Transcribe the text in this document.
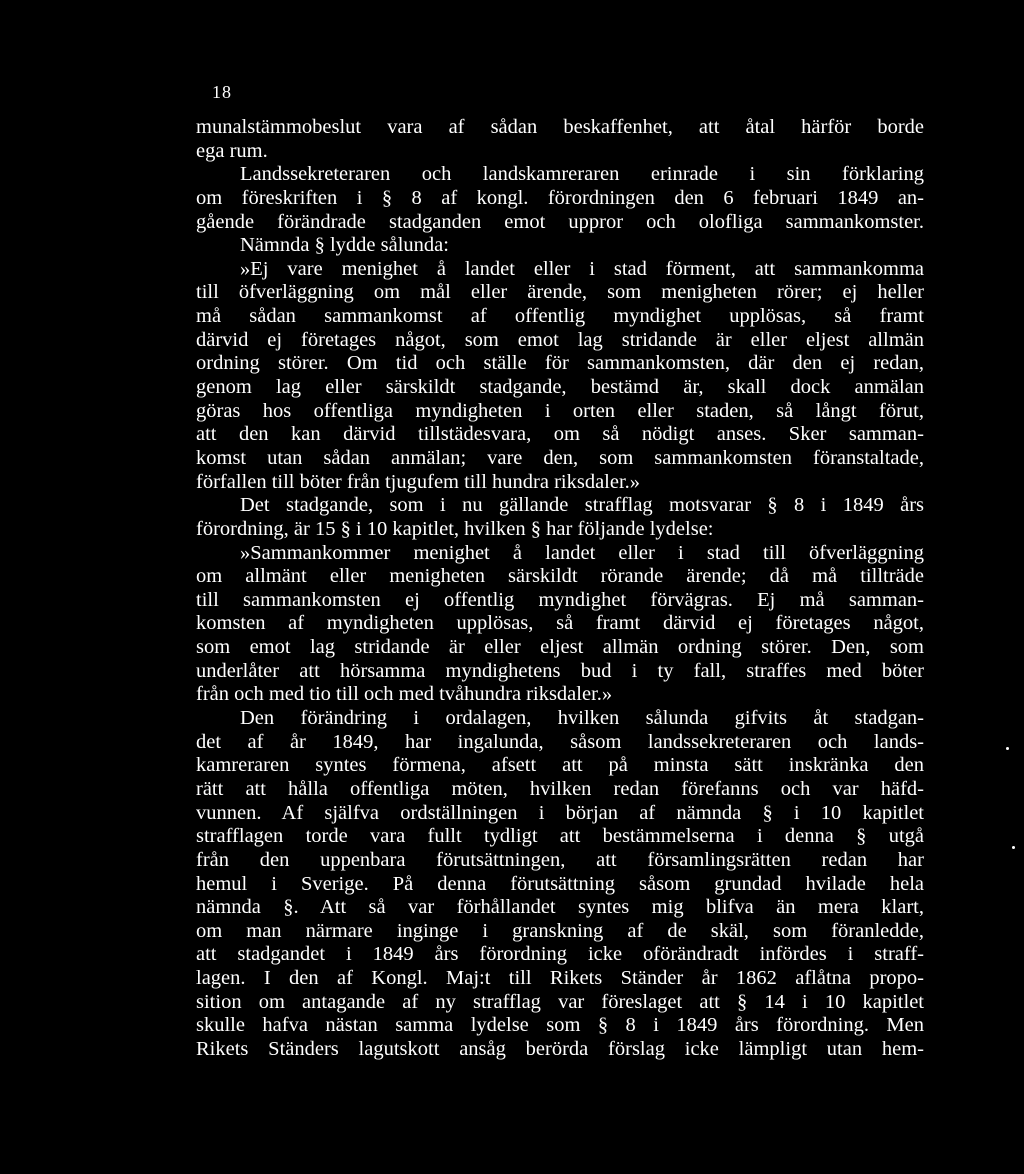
18
munalstämmobeslut vara af sådan beskaffenhet, att åtal härför borde
ega rum.
Landssekreteraren och landskamreraren erinrade i sin förklaring
om föreskriften i § 8 af kongl. förordningen den 6 februari 1849 an-
gående förändrade stadganden emot uppror och olofliga sammankomster.
Nämnda § lydde sålunda:
»Ej vare menighet å landet eller i stad förment, att sammankomma
till öfverläggning om mål eller ärende, som menigheten rörer; ej heller
må sådan sammankomst af offentlig myndighet upplösas, så framt
därvid ej företages något, som emot lag stridande är eller eljest allmän
ordning störer. Om tid och ställe för sammankomsten, där den ej redan,
genom lag eller särskildt stadgande, bestämd är, skall dock anmälan
göras hos offentliga myndigheten i orten eller staden, så långt förut,
att den kan därvid tillstädesvara, om så nödigt anses. Sker samman-
komst utan sådan anmälan; vare den, som sammankomsten föranstaltade,
förfallen till böter från tjugufem till hundra riksdaler.»
Det stadgande, som i nu gällande strafflag motsvarar § 8 i 1849 års
förordning, är 15 § i 10 kapitlet, hvilken § har följande lydelse:
»Sammankommer menighet å landet eller i stad till öfverläggning
om allmänt eller menigheten särskildt rörande ärende; då må tillträde
till sammankomsten ej offentlig myndighet förvägras. Ej må samman-
komsten af myndigheten upplösas, så framt därvid ej företages något,
som emot lag stridande är eller eljest allmän ordning störer. Den, som
underlåter att hörsamma myndighetens bud i ty fall, straffes med böter
från och med tio till och med tvåhundra riksdaler.»
Den förändring i ordalagen, hvilken sålunda gifvits åt stadgan-
det af år 1849, har ingalunda, såsom landssekreteraren och lands-
kamreraren syntes förmena, afsett att på minsta sätt inskränka den
rätt att hålla offentliga möten, hvilken redan förefanns och var häfd-
vunnen. Af själfva ordställningen i början af nämnda § i 10 kapitlet
strafflagen torde vara fullt tydligt att bestämmelserna i denna § utgå
från den uppenbara förutsättningen, att församlingsrätten redan har
hemul i Sverige. På denna förutsättning såsom grundad hvilade hela
nämnda §. Att så var förhållandet syntes mig blifva än mera klart,
om man närmare inginge i granskning af de skäl, som föranledde,
att stadgandet i 1849 års förordning icke oförändradt infördes i straff-
lagen. I den af Kongl. Maj:t till Rikets Ständer år 1862 aflåtna propo-
sition om antagande af ny strafflag var föreslaget att § 14 i 10 kapitlet
skulle hafva nästan samma lydelse som § 8 i 1849 års förordning. Men
Rikets Ständers lagutskott ansåg berörda förslag icke lämpligt utan hem-
